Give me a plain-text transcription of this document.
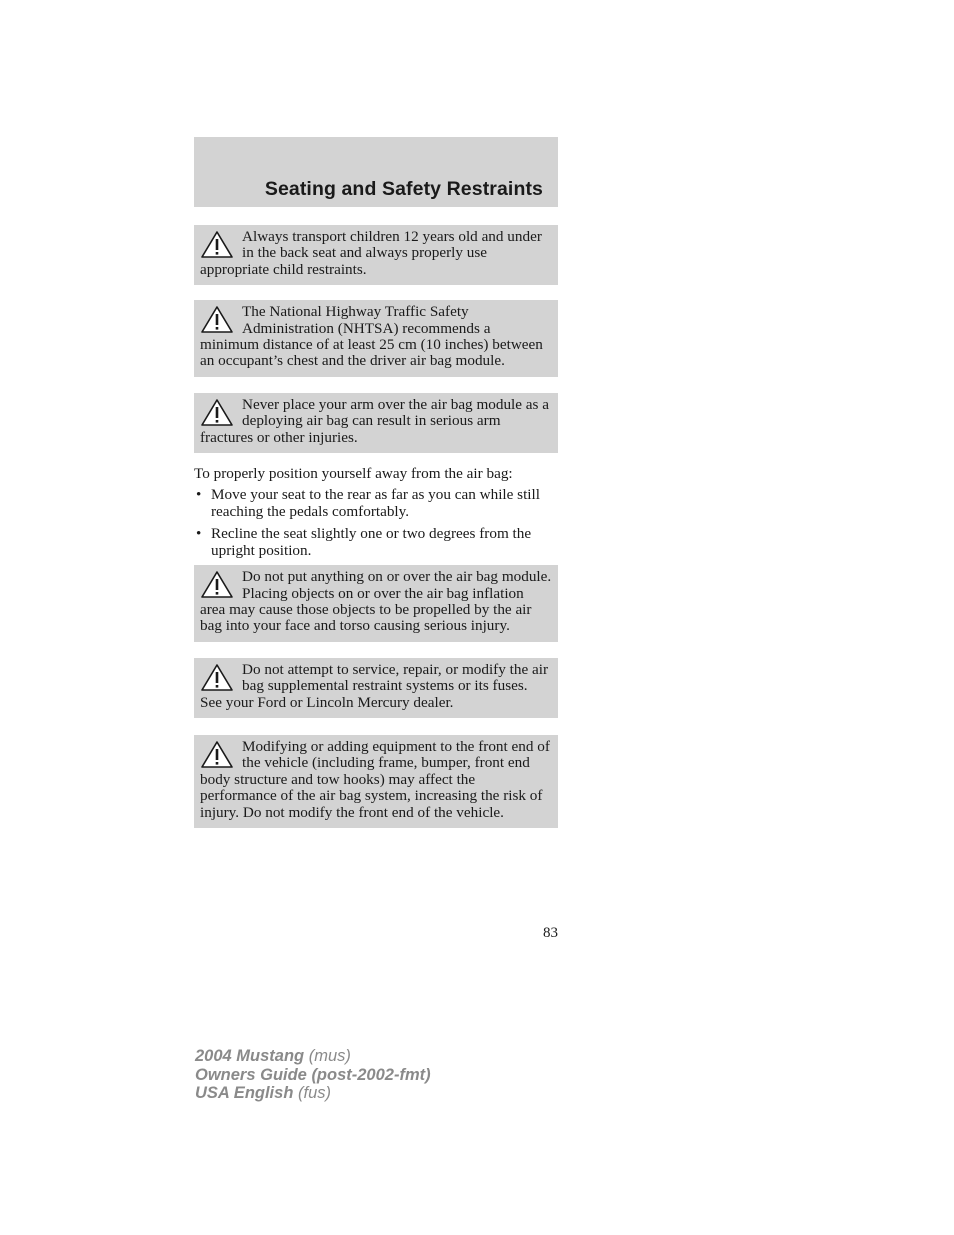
Seating and Safety Restraints
Always transport children 12 years old and under in the back seat and always properly use appropriate child restraints.
The National Highway Traffic Safety Administration (NHTSA) recommends a minimum distance of at least 25 cm (10 inches) between an occupant’s chest and the driver air bag module.
Never place your arm over the air bag module as a deploying air bag can result in serious arm fractures or other injuries.
To properly position yourself away from the air bag:
• Move your seat to the rear as far as you can while still reaching the pedals comfortably.
• Recline the seat slightly one or two degrees from the upright position.
Do not put anything on or over the air bag module. Placing objects on or over the air bag inflation area may cause those objects to be propelled by the air bag into your face and torso causing serious injury.
Do not attempt to service, repair, or modify the air bag supplemental restraint systems or its fuses. See your Ford or Lincoln Mercury dealer.
Modifying or adding equipment to the front end of the vehicle (including frame, bumper, front end body structure and tow hooks) may affect the performance of the air bag system, increasing the risk of injury. Do not modify the front end of the vehicle.
83
2004 Mustang (mus)
Owners Guide (post-2002-fmt)
USA English (fus)
